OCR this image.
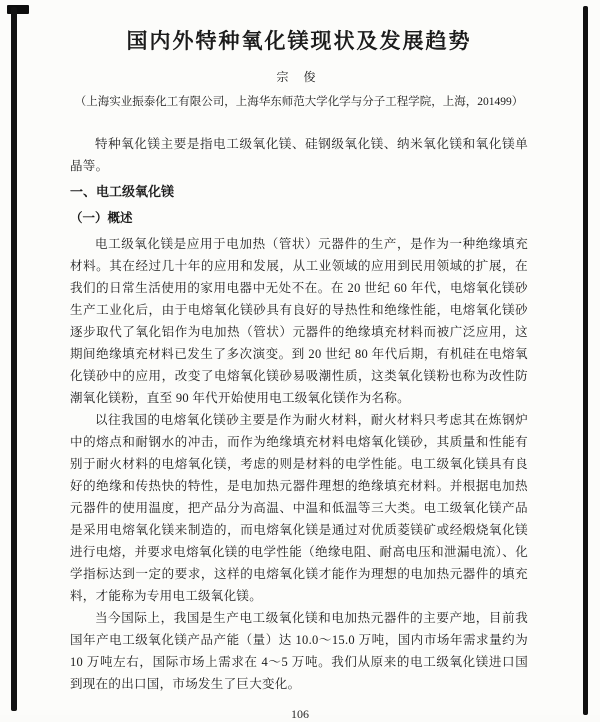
国内外特种氧化镁现状及发展趋势
宗 俊
（上海实业振泰化工有限公司，上海华东师范大学化学与分子工程学院，上海，201499）

特种氧化镁主要是指电工级氧化镁、硅钢级氧化镁、纳米氧化镁和氧化镁单晶等。

一、电工级氧化镁
（一）概述

电工级氧化镁是应用于电加热（管状）元器件的生产，是作为一种绝缘填充材料。其在经过几十年的应用和发展，从工业领域的应用到民用领域的扩展，在我们的日常生活使用的家用电器中无处不在。在 20 世纪 60 年代，电熔氧化镁砂生产工业化后，由于电熔氧化镁砂具有良好的导热性和绝缘性能，电熔氧化镁砂逐步取代了氧化铝作为电加热（管状）元器件的绝缘填充材料而被广泛应用，这期间绝缘填充材料已发生了多次演变。到 20 世纪 80 年代后期，有机硅在电熔氧化镁砂中的应用，改变了电熔氧化镁砂易吸潮性质，这类氧化镁粉也称为改性防潮氧化镁粉，直至 90 年代开始使用电工级氧化镁作为名称。

以往我国的电熔氧化镁砂主要是作为耐火材料，耐火材料只考虑其在炼钢炉中的熔点和耐钢水的冲击，而作为绝缘填充材料电熔氧化镁砂，其质量和性能有别于耐火材料的电熔氧化镁，考虑的则是材料的电学性能。电工级氧化镁具有良好的绝缘和传热快的特性，是电加热元器件理想的绝缘填充材料。并根据电加热元器件的使用温度，把产品分为高温、中温和低温等三大类。电工级氧化镁产品是采用电熔氧化镁来制造的，而电熔氧化镁是通过对优质菱镁矿或经煅烧氧化镁进行电熔，并要求电熔氧化镁的电学性能（绝缘电阻、耐高电压和泄漏电流）、化学指标达到一定的要求，这样的电熔氧化镁才能作为理想的电加热元器件的填充料，才能称为专用电工级氧化镁。

当今国际上，我国是生产电工级氧化镁和电加热元器件的主要产地，目前我国年产电工级氧化镁产品产能（量）达 10.0～15.0 万吨，国内市场年需求量约为 10 万吨左右，国际市场上需求在 4～5 万吨。我们从原来的电工级氧化镁进口国到现在的出口国，市场发生了巨大变化。

106
